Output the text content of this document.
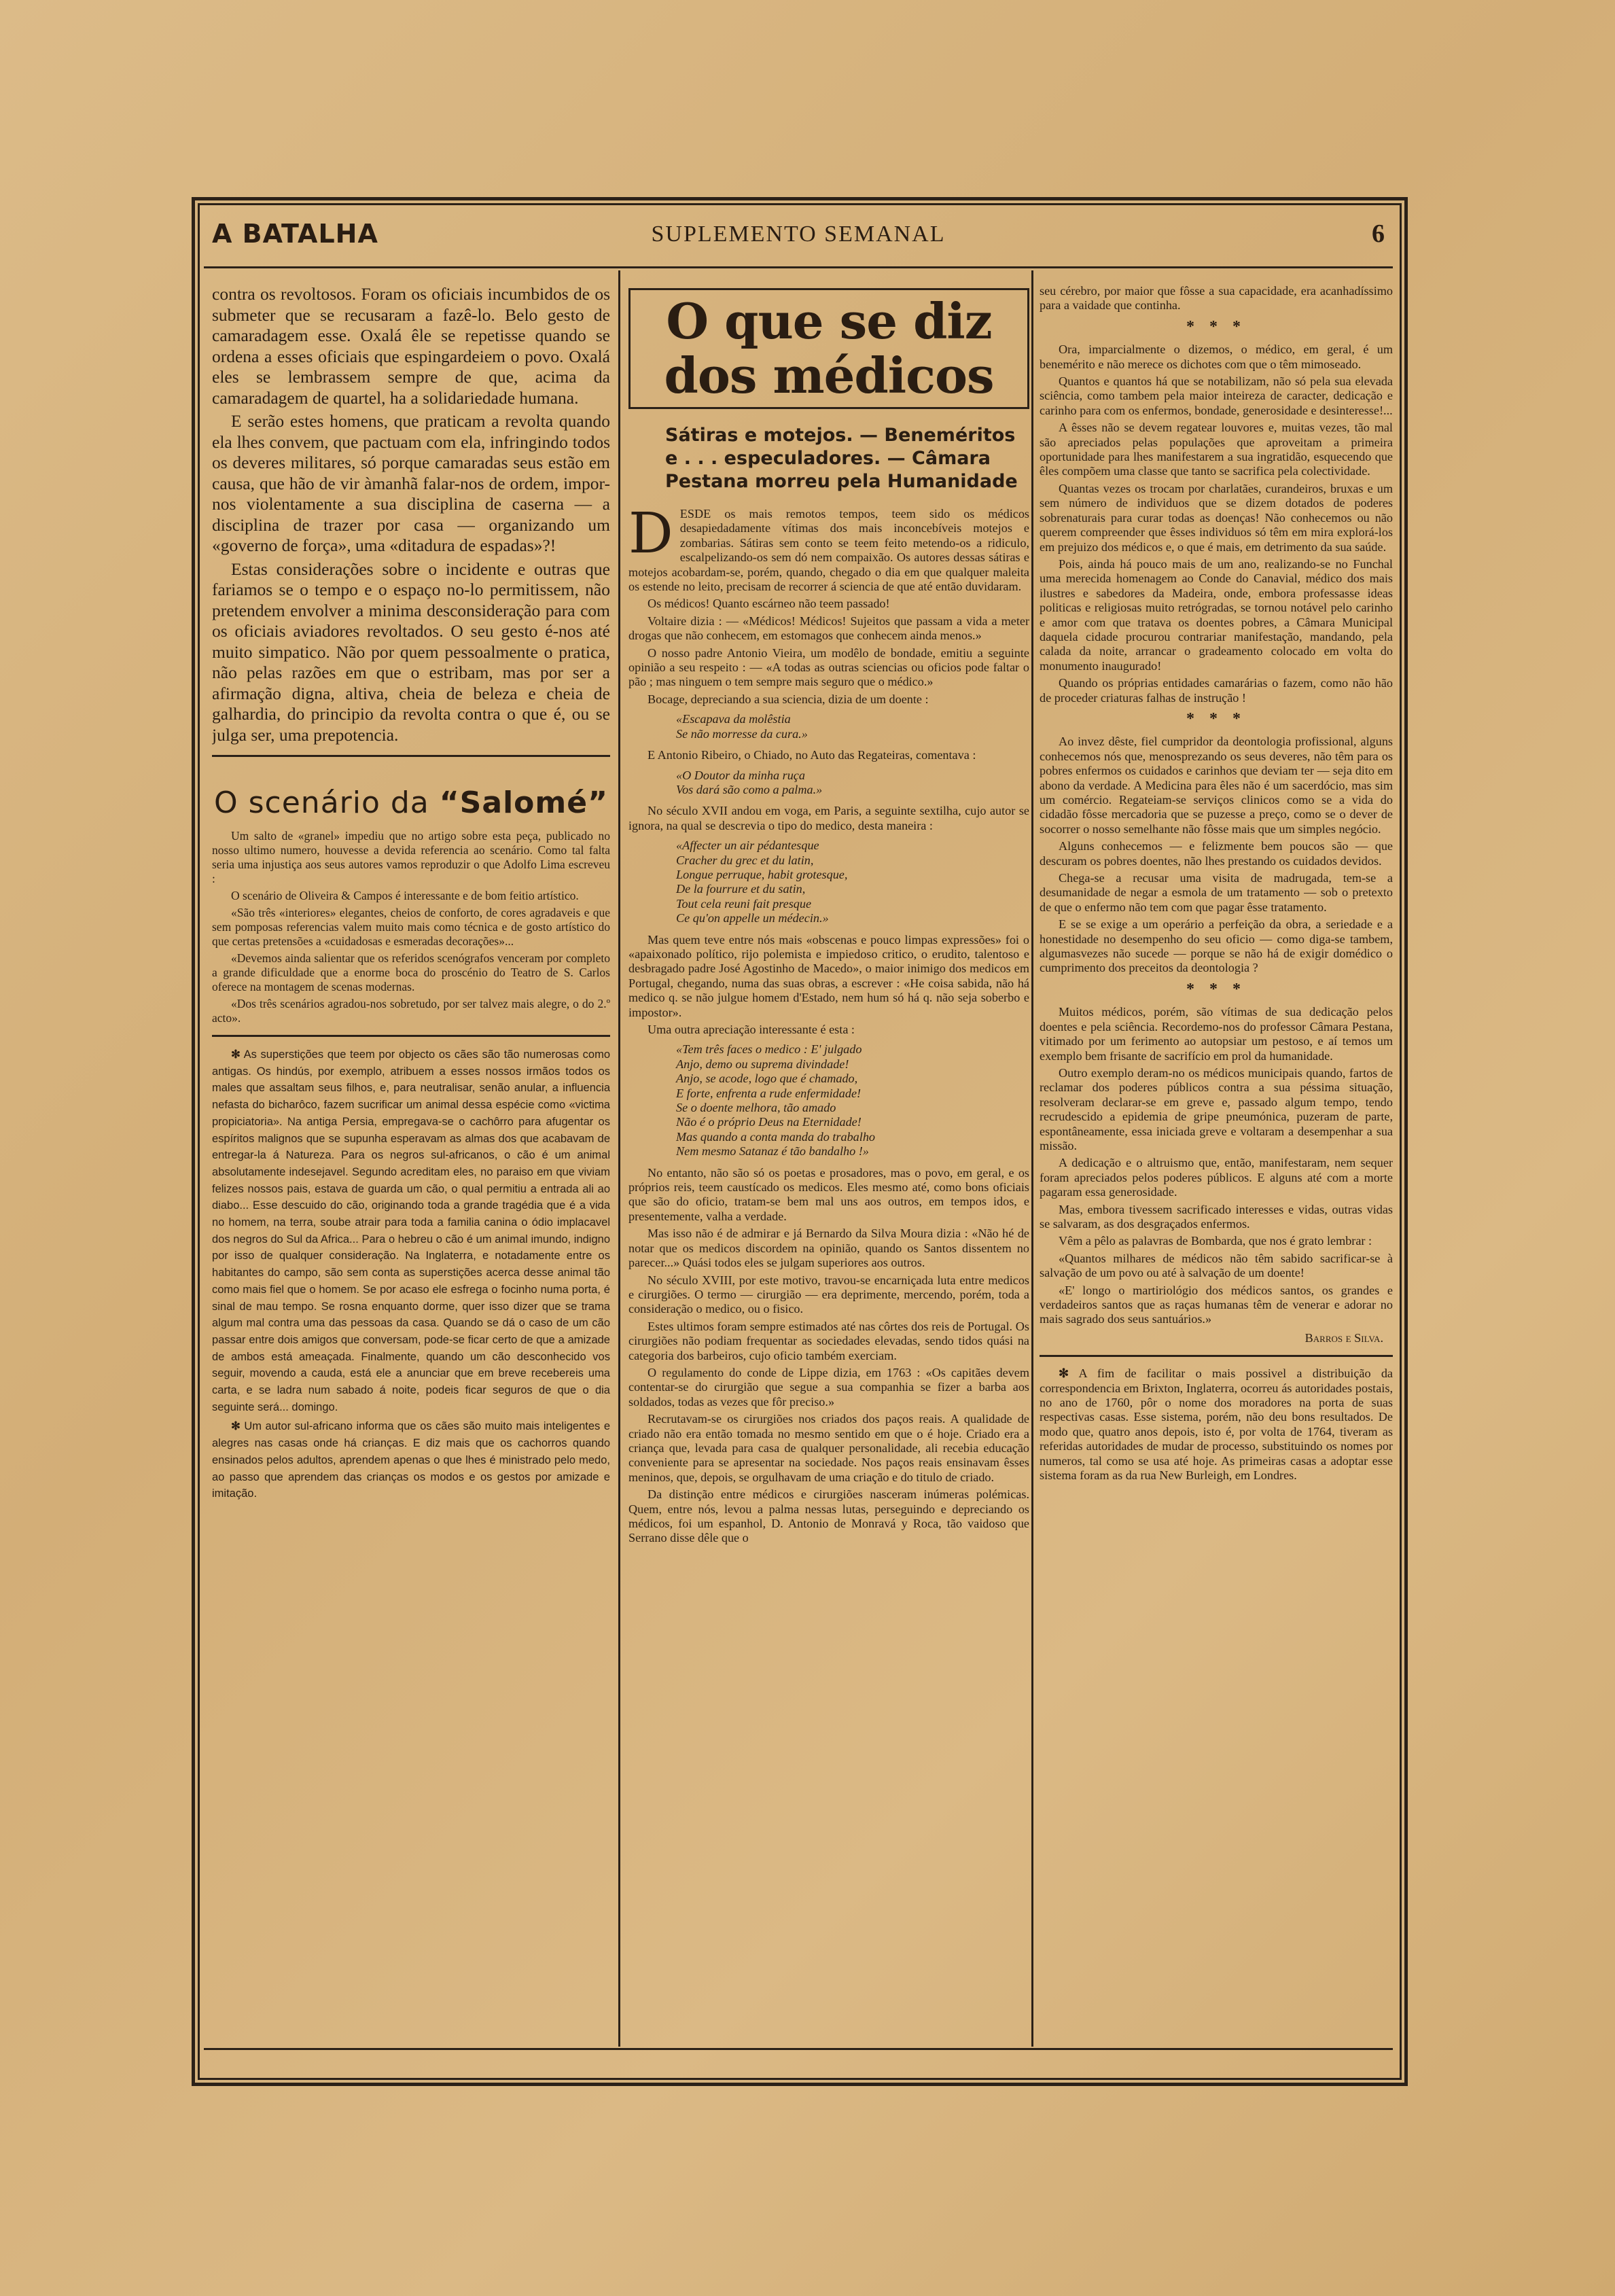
A BATALHA	SUPLEMENTO SEMANAL	6

contra os revoltosos. Foram os oficiais incumbidos de os submeter que se recusaram a fazê-lo. Belo gesto de camaradagem esse. Oxalá êle se repetisse quando se ordena a esses oficiais que espingardeiem o povo. Oxalá eles se lembrassem sempre de que, acima da camaradagem de quartel, ha a solidariedade humana.

E serão estes homens, que praticam a revolta quando ela lhes convem, que pactuam com ela, infringindo todos os deveres militares, só porque camaradas seus estão em causa, que hão de vir àmanhã falar-nos de ordem, impor-nos violentamente a sua disciplina de caserna — a disciplina de trazer por casa — organizando um «governo de força», uma «ditadura de espadas»?!

Estas considerações sobre o incidente e outras que fariamos se o tempo e o espaço no-lo permitissem, não pretendem envolver a minima desconsideração para com os oficiais aviadores revoltados. O seu gesto é-nos até muito simpatico. Não por quem pessoalmente o pratica, não pelas razões em que o estribam, mas por ser a afirmação digna, altiva, cheia de beleza e cheia de galhardia, do principio da revolta contra o que é, ou se julga ser, uma prepotencia.

O scenário da “Salomé”

Um salto de «granel» impediu que no artigo sobre esta peça, publicado no nosso ultimo numero, houvesse a devida referencia ao scenário. Como tal falta seria uma injustiça aos seus autores vamos reproduzir o que Adolfo Lima escreveu :

O scenário de Oliveira & Campos é interessante e de bom feitio artístico.

«São três «interiores» elegantes, cheios de conforto, de cores agradaveis e que sem pomposas referencias valem muito mais como técnica e de gosto artístico do que certas pretensões a «cuidadosas e esmeradas decorações»...

«Devemos ainda salientar que os referidos scenógrafos venceram por completo a grande dificuldade que a enorme boca do proscénio do Teatro de S. Carlos oferece na montagem de scenas modernas.

«Dos três scenários agradou-nos sobretudo, por ser talvez mais alegre, o do 2.º acto».

✻ As superstições que teem por objecto os cães são tão numerosas como antigas. Os hindús, por exemplo, atribuem a esses nossos irmãos todos os males que assaltam seus filhos, e, para neutralisar, senão anular, a influencia nefasta do bicharôco, fazem sucrificar um animal dessa espécie como «victima propiciatoria». Na antiga Persia, empregava-se o cachôrro para afugentar os espíritos malignos que se supunha esperavam as almas dos que acabavam de entregar-la á Natureza. Para os negros sul-africanos, o cão é um animal absolutamente indesejavel. Segundo acreditam eles, no paraiso em que viviam felizes nossos pais, estava de guarda um cão, o qual permitiu a entrada ali ao diabo... Esse descuido do cão, originando toda a grande tragédia que é a vida no homem, na terra, soube atrair para toda a familia canina o ódio implacavel dos negros do Sul da Africa... Para o hebreu o cão é um animal imundo, indigno por isso de qualquer consideração. Na Inglaterra, e notadamente entre os habitantes do campo, são sem conta as superstições acerca desse animal tão como mais fiel que o homem. Se por acaso ele esfrega o focinho numa porta, é sinal de mau tempo. Se rosna enquanto dorme, quer isso dizer que se trama algum mal contra uma das pessoas da casa. Quando se dá o caso de um cão passar entre dois amigos que conversam, pode-se ficar certo de que a amizade de ambos está ameaçada. Finalmente, quando um cão desconhecido vos seguir, movendo a cauda, está ele a anunciar que em breve recebereis uma carta, e se ladra num sabado á noite, podeis ficar seguros de que o dia seguinte será... domingo.

✻ Um autor sul-africano informa que os cães são muito mais inteligentes e alegres nas casas onde há crianças. E diz mais que os cachorros quando ensinados pelos adultos, aprendem apenas o que lhes é ministrado pelo medo, ao passo que aprendem das crianças os modos e os gestos por amizade e imitação.

O que se diz dos médicos
Sátiras e motejos. — Beneméritos e . . . especuladores. — Câmara Pestana morreu pela Humanidade

DESDE os mais remotos tempos, teem sido os médicos desapiedadamente vítimas dos mais inconcebíveis motejos e zombarias. Sátiras sem conto se teem feito metendo-os a ridiculo, escalpelizando-os sem dó nem compaixão. Os autores dessas sátiras e motejos acobardam-se, porém, quando, chegado o dia em que qualquer maleita os estende no leito, precisam de recorrer á sciencia de que até então duvidaram.

Os médicos! Quanto escárneo não teem passado!

Voltaire dizia : — «Médicos! Médicos! Sujeitos que passam a vida a meter drogas que não conhecem, em estomagos que conhecem ainda menos.»

O nosso padre Antonio Vieira, um modêlo de bondade, emitiu a seguinte opinião a seu respeito : — «A todas as outras sciencias ou oficios pode faltar o pão ; mas ninguem o tem sempre mais seguro que o médico.»

Bocage, depreciando a sua sciencia, dizia de um doente :

«Escapava da molêstia

Se não morresse da cura.»

E Antonio Ribeiro, o Chiado, no Auto das Regateiras, comentava :

«O Doutor da minha ruça

Vos dará são como a palma.»

No século XVII andou em voga, em Paris, a seguinte sextilha, cujo autor se ignora, na qual se descrevia o tipo do medico, desta maneira :

«Affecter un air pédantesque

Cracher du grec et du latin,

Longue perruque, habit grotesque,

De la fourrure et du satin,

Tout cela reuni fait presque

Ce qu'on appelle un médecin.»

Mas quem teve entre nós mais «obscenas e pouco limpas expressões» foi o «apaixonado político, rijo polemista e impiedoso critico, o erudito, talentoso e desbragado padre José Agostinho de Macedo», o maior inimigo dos medicos em Portugal, chegando, numa das suas obras, a escrever : «He coisa sabida, não há medico q. se não julgue homem d'Estado, nem hum só há q. não seja soberbo e impostor».

Uma outra apreciação interessante é esta :

«Tem três faces o medico : E' julgado

Anjo, demo ou suprema divindade!

Anjo, se acode, logo que é chamado,

E forte, enfrenta a rude enfermidade!

Se o doente melhora, tão amado

Não é o próprio Deus na Eternidade!

Mas quando a conta manda do trabalho

Nem mesmo Satanaz é tão bandalho !»

No entanto, não são só os poetas e prosadores, mas o povo, em geral, e os próprios reis, teem caustícado os medicos. Eles mesmo até, como bons oficiais que são do oficio, tratam-se bem mal uns aos outros, em tempos idos, e presentemente, valha a verdade.

Mas isso não é de admirar e já Bernardo da Silva Moura dizia : «Não hé de notar que os medicos discordem na opinião, quando os Santos dissentem no parecer...» Quási todos eles se julgam superiores aos outros.

No século XVIII, por este motivo, travou-se encarniçada luta entre medicos e cirurgiões. O termo — cirurgião — era deprimente, mercendo, porém, toda a consideração o medico, ou o fisico.

Estes ultimos foram sempre estimados até nas côrtes dos reis de Portugal. Os cirurgiões não podiam frequentar as sociedades elevadas, sendo tidos quási na categoria dos barbeiros, cujo oficio também exerciam.

O regulamento do conde de Lippe dizia, em 1763 : «Os capitães devem contentar-se do cirurgião que segue a sua companhia se fizer a barba aos soldados, todas as vezes que fôr preciso.»

Recrutavam-se os cirurgiões nos criados dos paços reais. A qualidade de criado não era então tomada no mesmo sentido em que o é hoje. Criado era a criança que, levada para casa de qualquer personalidade, ali recebia educação conveniente para se apresentar na sociedade. Nos paços reais ensinavam êsses meninos, que, depois, se orgulhavam de uma criação e do titulo de criado.

Da distinção entre médicos e cirurgiões nasceram inúmeras polémicas. Quem, entre nós, levou a palma nessas lutas, perseguindo e depreciando os médicos, foi um espanhol, D. Antonio de Monravá y Roca, tão vaidoso que Serrano disse dêle que o

seu cérebro, por maior que fôsse a sua capacidade, era acanhadíssimo para a vaidade que continha.

* * *

Ora, imparcialmente o dizemos, o médico, em geral, é um benemérito e não merece os dichotes com que o têm mimoseado.

Quantos e quantos há que se notabilizam, não só pela sua elevada sciência, como tambem pela maior inteireza de caracter, dedicação e carinho para com os enfermos, bondade, generosidade e desinteresse!...

A êsses não se devem regatear louvores e, muitas vezes, tão mal são apreciados pelas populações que aproveitam a primeira oportunidade para lhes manifestarem a sua ingratidão, esquecendo que êles compõem uma classe que tanto se sacrifica pela colectividade.

Quantas vezes os trocam por charlatães, curandeiros, bruxas e um sem número de individuos que se dizem dotados de poderes sobrenaturais para curar todas as doenças! Não conhecemos ou não querem compreender que êsses individuos só têm em mira explorá-los em prejuizo dos médicos e, o que é mais, em detrimento da sua saúde.

Pois, ainda há pouco mais de um ano, realizando-se no Funchal uma merecida homenagem ao Conde do Canavial, médico dos mais ilustres e sabedores da Madeira, onde, embora professasse ideas politicas e religiosas muito retrógradas, se tornou notável pelo carinho e amor com que tratava os doentes pobres, a Câmara Municipal daquela cidade procurou contrariar manifestação, mandando, pela calada da noite, arrancar o gradeamento colocado em volta do monumento inaugurado!

Quando os próprias entidades camarárias o fazem, como não hão de proceder criaturas falhas de instrução !

* * *

Ao invez dêste, fiel cumpridor da deontologia profissional, alguns conhecemos nós que, menosprezando os seus deveres, não têm para os pobres enfermos os cuidados e carinhos que deviam ter — seja dito em abono da verdade. A Medicina para êles não é um sacerdócio, mas sim um comércio. Regateiam-se serviços clinicos como se a vida do cidadão fôsse mercadoria que se puzesse a preço, como se o dever de socorrer o nosso semelhante não fôsse mais que um simples negócio.

Alguns conhecemos — e felizmente bem poucos são — que descuram os pobres doentes, não lhes prestando os cuidados devidos.

Chega-se a recusar uma visita de madrugada, tem-se a desumanidade de negar a esmola de um tratamento — sob o pretexto de que o enfermo não tem com que pagar êsse tratamento.

E se se exige a um operário a perfeição da obra, a seriedade e a honestidade no desempenho do seu oficio — como diga-se tambem, algumasvezes não sucede — porque se não há de exigir domédico o cumprimento dos preceitos da deontologia ?

* * *

Muitos médicos, porém, são vítimas de sua dedicação pelos doentes e pela sciência. Recordemo-nos do professor Câmara Pestana, vitimado por um ferimento ao autopsiar um pestoso, e aí temos um exemplo bem frisante de sacrifício em prol da humanidade.

Outro exemplo deram-no os médicos municipais quando, fartos de reclamar dos poderes públicos contra a sua péssima situação, resolveram declarar-se em greve e, passado algum tempo, tendo recrudescido a epidemia de gripe pneumónica, puzeram de parte, espontâneamente, essa iniciada greve e voltaram a desempenhar a sua missão.

A dedicação e o altruismo que, então, manifestaram, nem sequer foram apreciados pelos poderes públicos. E alguns até com a morte pagaram essa generosidade.

Mas, embora tivessem sacrificado interesses e vidas, outras vidas se salvaram, as dos desgraçados enfermos.

Vêm a pêlo as palavras de Bombarda, que nos é grato lembrar :

«Quantos milhares de médicos não têm sabido sacrificar-se à salvação de um povo ou até à salvação de um doente!

«E' longo o martiriológio dos médicos santos, os grandes e verdadeiros santos que as raças humanas têm de venerar e adorar no mais sagrado dos seus santuários.»

Barros e Silva.

✻ A fim de facilitar o mais possivel a distribuição da correspondencia em Brixton, Inglaterra, ocorreu ás autoridades postais, no ano de 1760, pôr o nome dos moradores na porta de suas respectivas casas. Esse sistema, porém, não deu bons resultados. De modo que, quatro anos depois, isto é, por volta de 1764, tiveram as referidas autoridades de mudar de processo, substituindo os nomes por numeros, tal como se usa até hoje. As primeiras casas a adoptar esse sistema foram as da rua New Burleigh, em Londres.
